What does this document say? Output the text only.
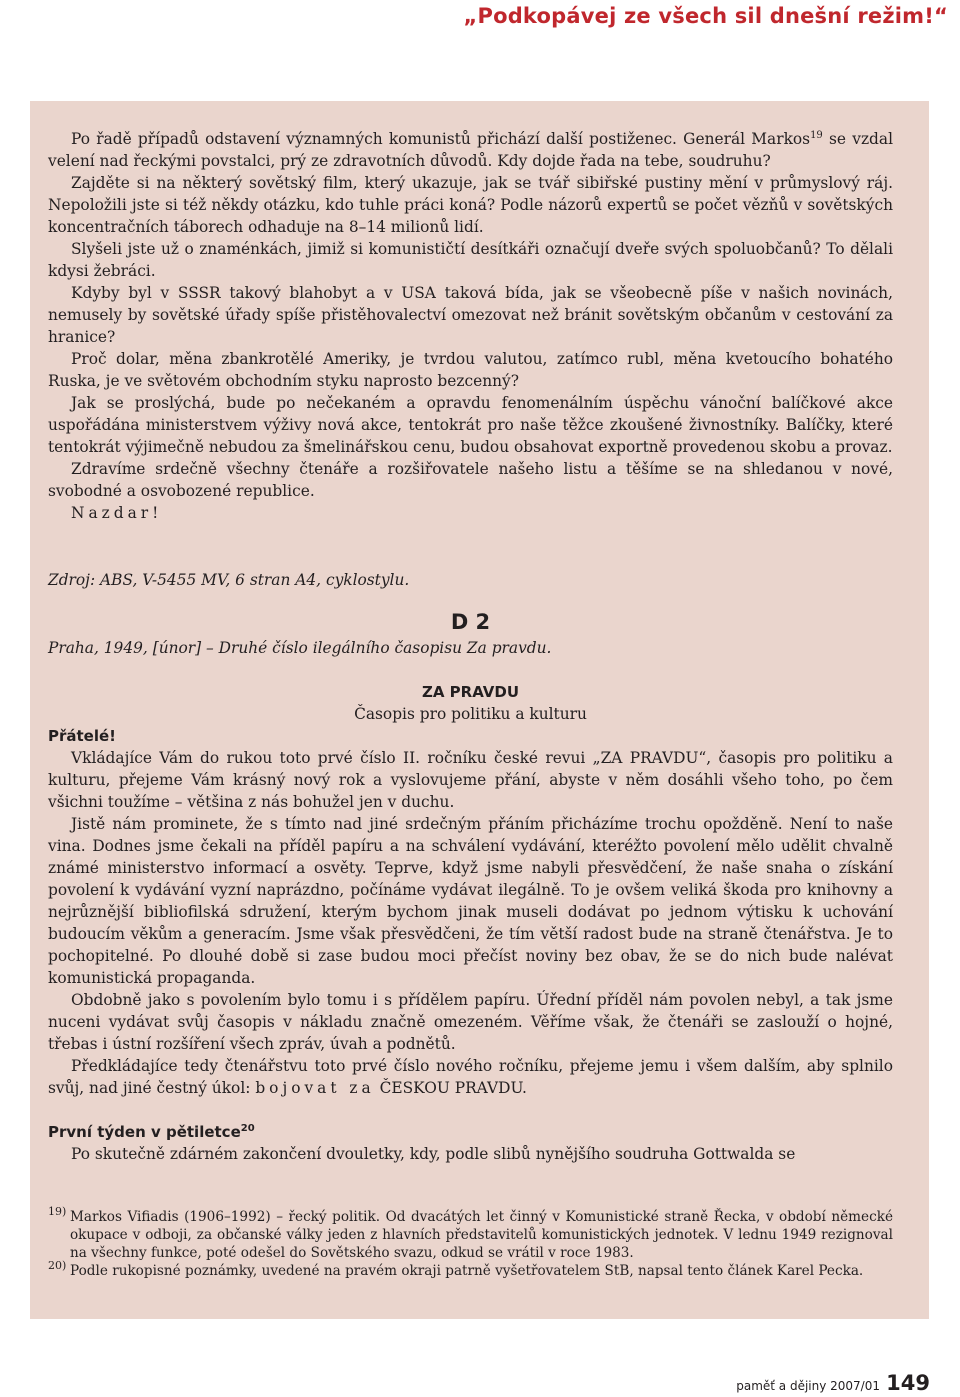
„Podkopávej ze všech sil dnešní režim!“

Po řadě případů odstavení významných komunistů přichází další postiženec. Generál Markos$^{19}$ se vzdal velení nad řeckými povstalci, prý ze zdravotních důvodů. Kdy dojde řada na tebe, soudruhu?

Zajděte si na některý sovětský film, který ukazuje, jak se tvář sibiřské pustiny mění v průmyslový ráj. Nepoložili jste si též někdy otázku, kdo tuhle práci koná? Podle názorů expertů se počet vězňů v sovětských koncentračních táborech odhaduje na 8–14 milionů lidí.

Slyšeli jste už o znaménkách, jimiž si komunističtí desítkáři označují dveře svých spoluobčanů? To dělali kdysi žebráci.

Kdyby byl v SSSR takový blahobyt a v USA taková bída, jak se všeobecně píše v našich novinách, nemusely by sovětské úřady spíše přistěhovalectví omezovat než bránit sovětským občanům v cestování za hranice?

Proč dolar, měna zbankrotělé Ameriky, je tvrdou valutou, zatímco rubl, měna kvetoucího bohatého Ruska, je ve světovém obchodním styku naprosto bezcenný?

Jak se proslýchá, bude po nečekaném a opravdu fenomenálním úspěchu vánoční balíčkové akce uspořádána ministerstvem výživy nová akce, tentokrát pro naše těžce zkoušené živnostníky. Balíčky, které tentokrát výjimečně nebudou za šmelinářskou cenu, budou obsahovat exportně provedenou skobu a provaz.

Zdravíme srdečně všechny čtenáře a rozšiřovatele našeho listu a těšíme se na shledanou v nové, svobodné a osvobozené republice.

Nazdar!

Zdroj: ABS, V-5455 MV, 6 stran A4, cyklostylu.

D 2

Praha, 1949, [únor] – Druhé číslo ilegálního časopisu Za pravdu.

ZA PRAVDU

Časopis pro politiku a kulturu

Přátelé!

Vkládajíce Vám do rukou toto prvé číslo II. ročníku české revui „ZA PRAVDU“, časopis pro politiku a kulturu, přejeme Vám krásný nový rok a vyslovujeme přání, abyste v něm dosáhli všeho toho, po čem všichni toužíme – většina z nás bohužel jen v duchu.

Jistě nám prominete, že s tímto nad jiné srdečným přáním přicházíme trochu opožděně. Není to naše vina. Dodnes jsme čekali na příděl papíru a na schválení vydávání, kteréžto povolení mělo udělit chvalně známé ministerstvo informací a osvěty. Teprve, když jsme nabyli přesvědčení, že naše snaha o získání povolení k vydávání vyzní naprázdno, počínáme vydávat ilegálně. To je ovšem veliká škoda pro knihovny a nejrůznější bibliofilská sdružení, kterým bychom jinak museli dodávat po jednom výtisku k uchování budoucím věkům a generacím. Jsme však přesvědčeni, že tím větší radost bude na straně čtenářstva. Je to pochopitelné. Po dlouhé době si zase budou moci přečíst noviny bez obav, že se do nich bude nalévat komunistická propaganda.

Obdobně jako s povolením bylo tomu i s přídělem papíru. Úřední příděl nám povolen nebyl, a tak jsme nuceni vydávat svůj časopis v nákladu značně omezeném. Věříme však, že čtenáři se zaslouží o hojné, třebas i ústní rozšíření všech zpráv, úvah a podnětů.

Předkládajíce tedy čtenářstvu toto prvé číslo nového ročníku, přejeme jemu i všem dalším, aby splnilo svůj, nad jiné čestný úkol: bojovat za ČESKOU PRAVDU.

První týden v pětiletce$^{20}$

Po skutečně zdárném zakončení dvouletky, kdy, podle slibů nynějšího soudruha Gottwalda se

19) Markos Vifiadis (1906–1992) – řecký politik. Od dvacátých let činný v Komunistické straně Řecka, v období německé okupace v odboji, za občanské války jeden z hlavních představitelů komunistických jednotek. V lednu 1949 rezignoval na všechny funkce, poté odešel do Sovětského svazu, odkud se vrátil v roce 1983.

20) Podle rukopisné poznámky, uvedené na pravém okraji patrně vyšetřovatelem StB, napsal tento článek Karel Pecka.

paměť a dějiny 2007/01 149
